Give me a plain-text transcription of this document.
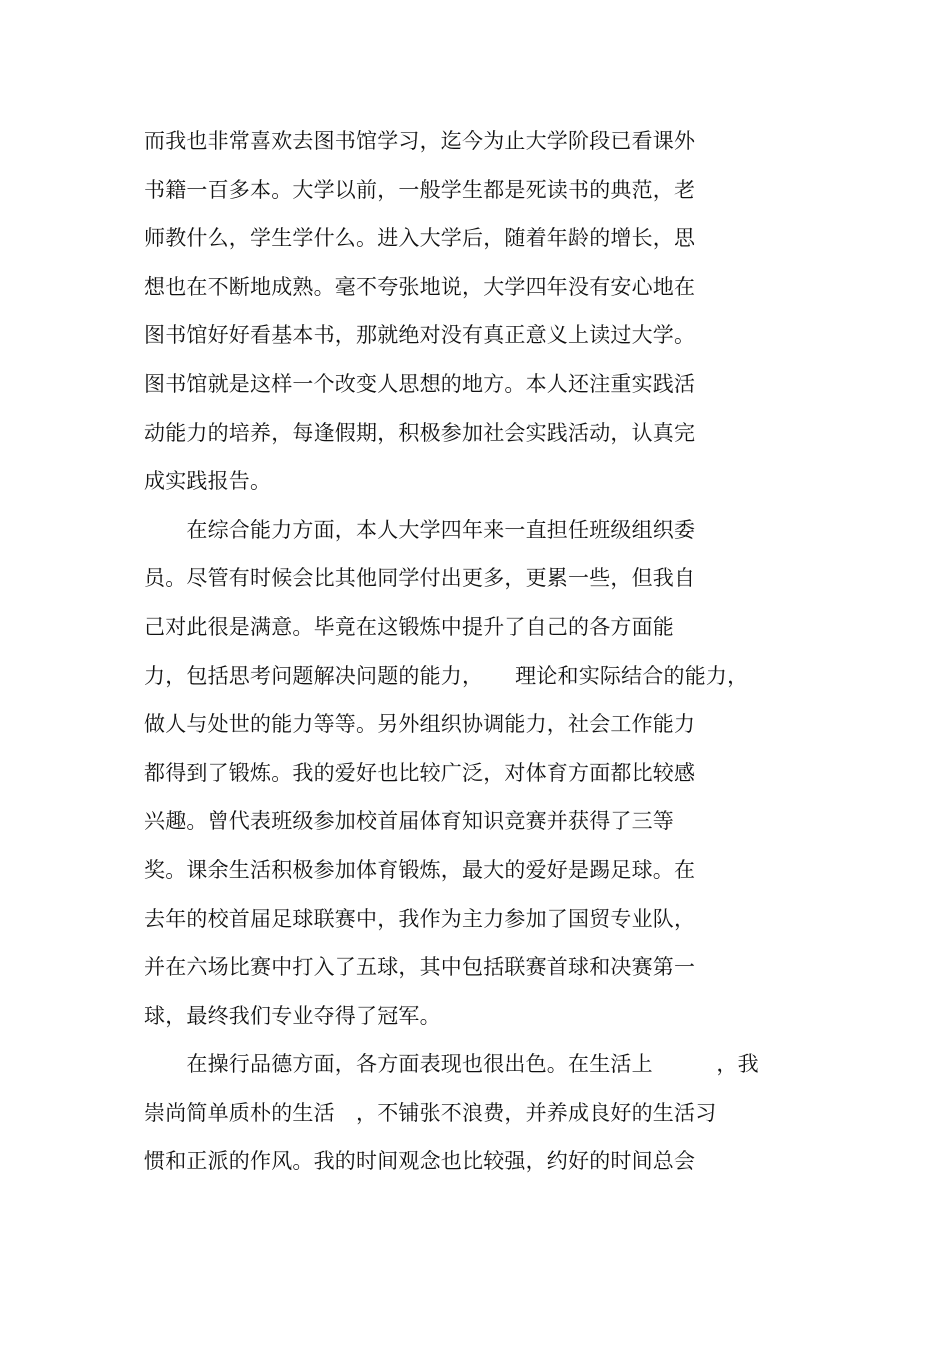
而我也非常喜欢去图书馆学习，迄今为止大学阶段已看课外
书籍一百多本。大学以前，一般学生都是死读书的典范，老
师教什么，学生学什么。进入大学后，随着年龄的增长，思
想也在不断地成熟。毫不夸张地说，大学四年没有安心地在
图书馆好好看基本书，那就绝对没有真正意义上读过大学。
图书馆就是这样一个改变人思想的地方。本人还注重实践活
动能力的培养，每逢假期，积极参加社会实践活动，认真完
成实践报告。
　　在综合能力方面，本人大学四年来一直担任班级组织委
员。尽管有时候会比其他同学付出更多，更累一些，但我自
己对此很是满意。毕竟在这锻炼中提升了自己的各方面能
力，包括思考问题解决问题的能力，　　理论和实际结合的能力，
做人与处世的能力等等。另外组织协调能力，社会工作能力
都得到了锻炼。我的爱好也比较广泛，对体育方面都比较感
兴趣。曾代表班级参加校首届体育知识竞赛并获得了三等
奖。课余生活积极参加体育锻炼，最大的爱好是踢足球。在
去年的校首届足球联赛中，我作为主力参加了国贸专业队，
并在六场比赛中打入了五球，其中包括联赛首球和决赛第一
球，最终我们专业夺得了冠军。
　　在操行品德方面，各方面表现也很出色。在生活上　　　，我
崇尚简单质朴的生活　，不铺张不浪费，并养成良好的生活习
惯和正派的作风。我的时间观念也比较强，约好的时间总会
